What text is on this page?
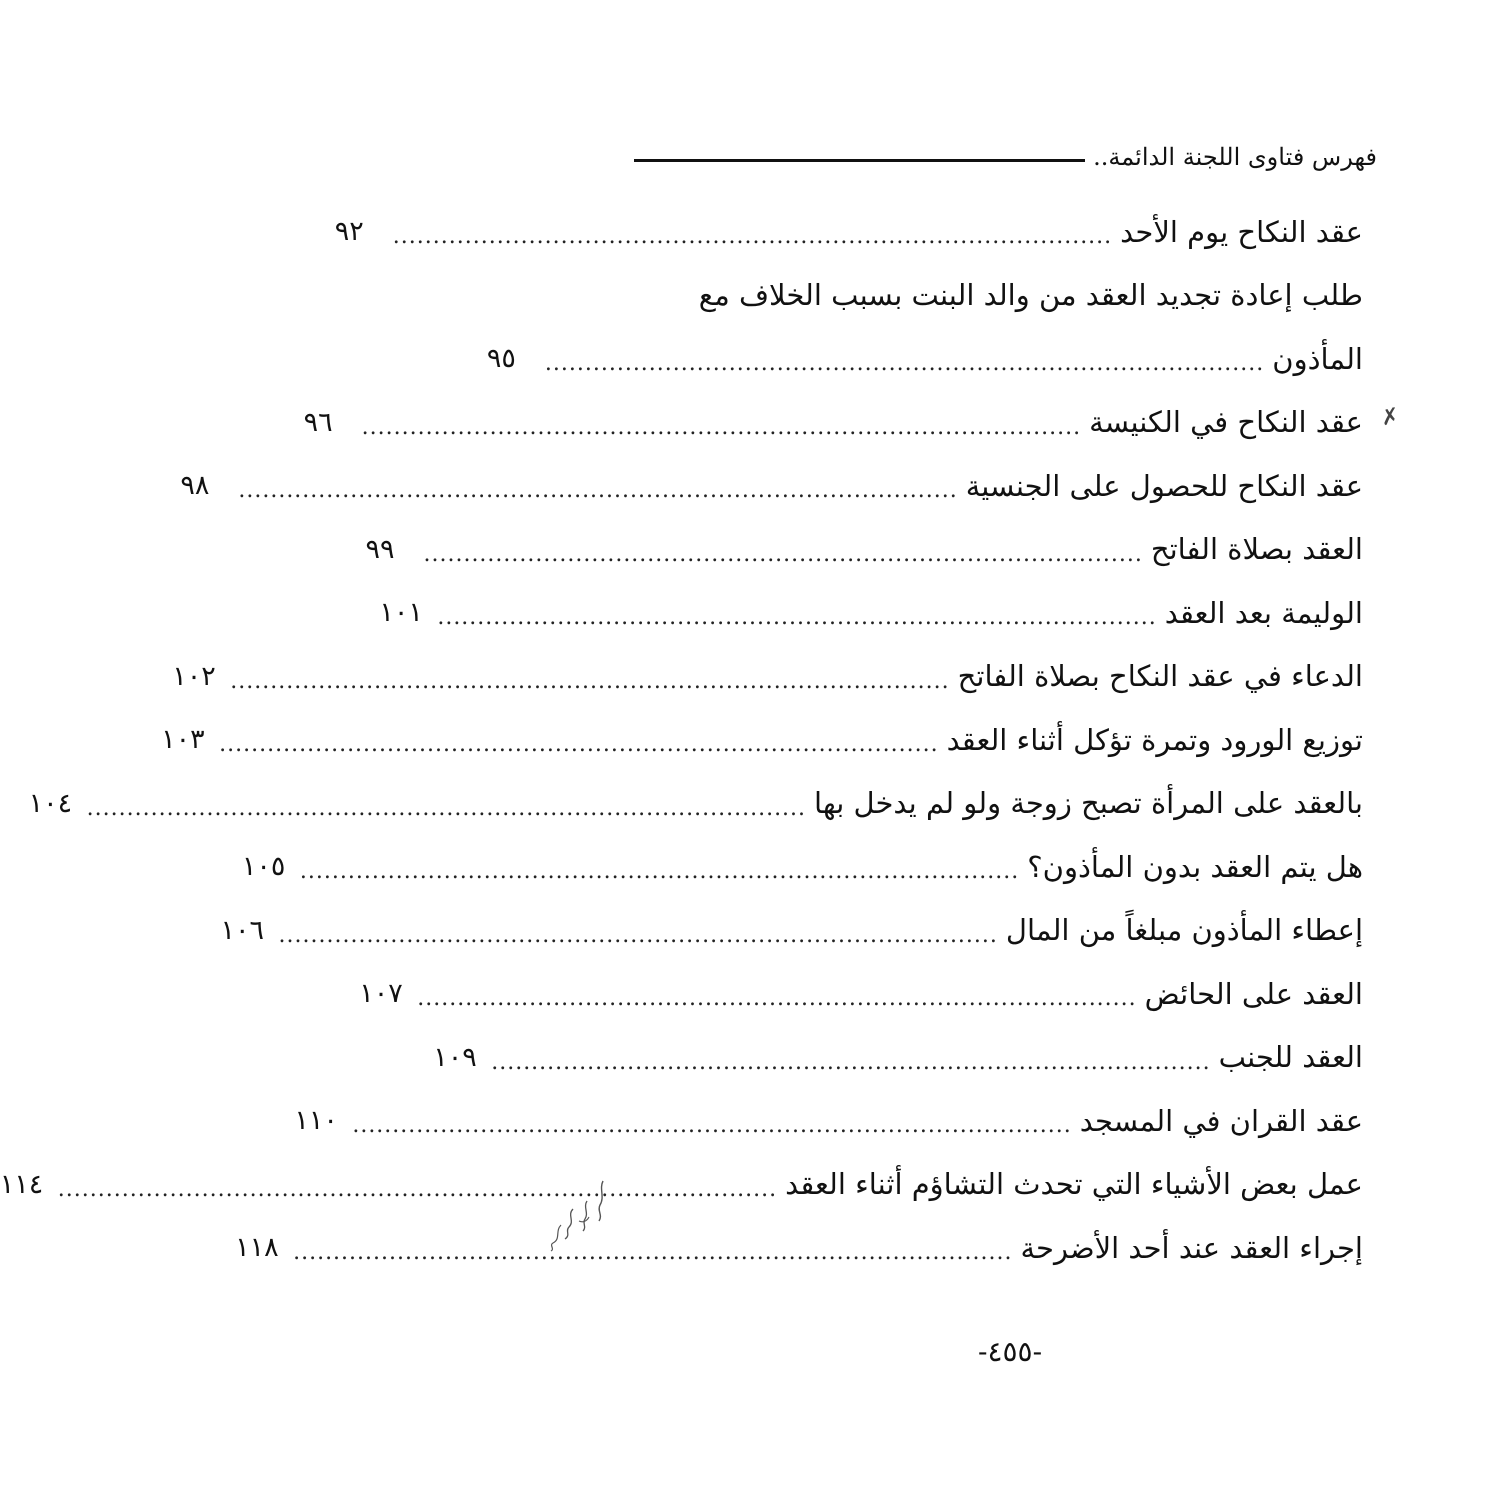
فهرس فتاوى اللجنة الدائمة..
عقد النكاح يوم الأحد
..........................................................................................
٩٢
طلب إعادة تجديد العقد من والد البنت بسبب الخلاف مع
المأذون
..........................................................................................
٩٥
عقد النكاح في الكنيسة
..........................................................................................
٩٦
عقد النكاح للحصول على الجنسية
..........................................................................................
٩٨
العقد بصلاة الفاتح
..........................................................................................
٩٩
الوليمة بعد العقد
..........................................................................................
١٠١
الدعاء في عقد النكاح بصلاة الفاتح
..........................................................................................
١٠٢
توزيع الورود وتمرة تؤكل أثناء العقد
..........................................................................................
١٠٣
بالعقد على المرأة تصبح زوجة ولو لم يدخل بها
..........................................................................................
١٠٤
هل يتم العقد بدون المأذون؟
..........................................................................................
١٠٥
إعطاء المأذون مبلغاً من المال
..........................................................................................
١٠٦
العقد على الحائض
..........................................................................................
١٠٧
العقد للجنب
..........................................................................................
١٠٩
عقد القران في المسجد
..........................................................................................
١١٠
عمل بعض الأشياء التي تحدث التشاؤم أثناء العقد
..........................................................................................
١١٤
إجراء العقد عند أحد الأضرحة
..........................................................................................
١١٨
✗
-٤٥٥-
